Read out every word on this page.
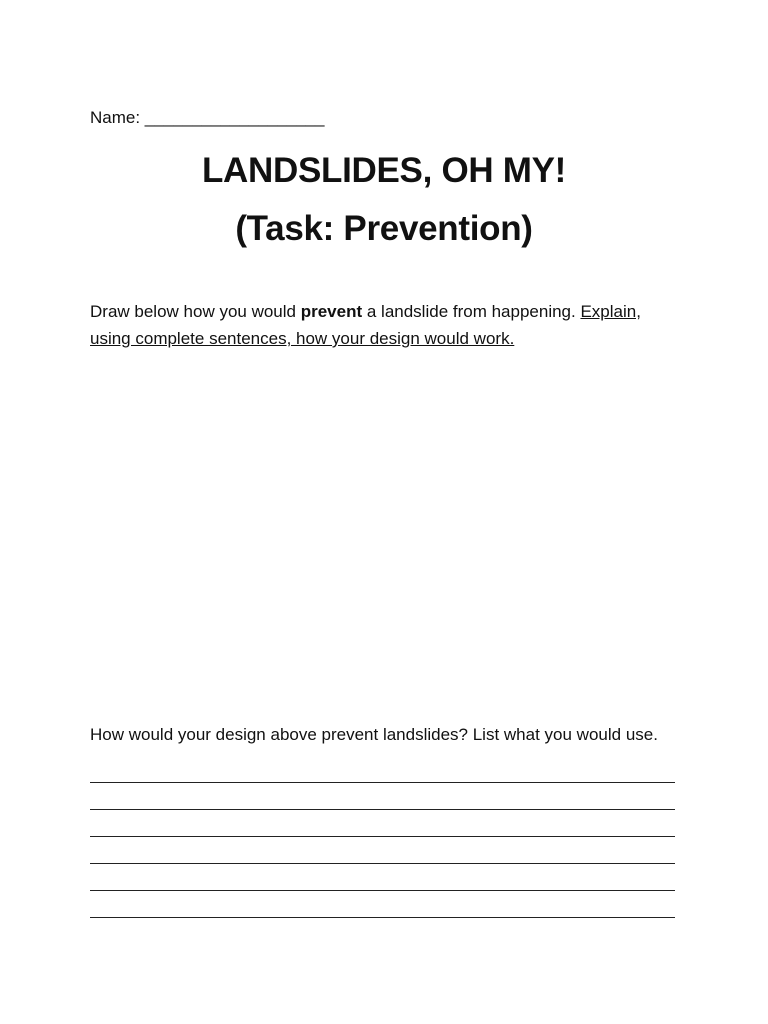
Name: ___________________
LANDSLIDES, OH MY!
(Task: Prevention)
Draw below how you would prevent a landslide from happening. Explain, using complete sentences, how your design would work.
How would your design above prevent landslides? List what you would use.
